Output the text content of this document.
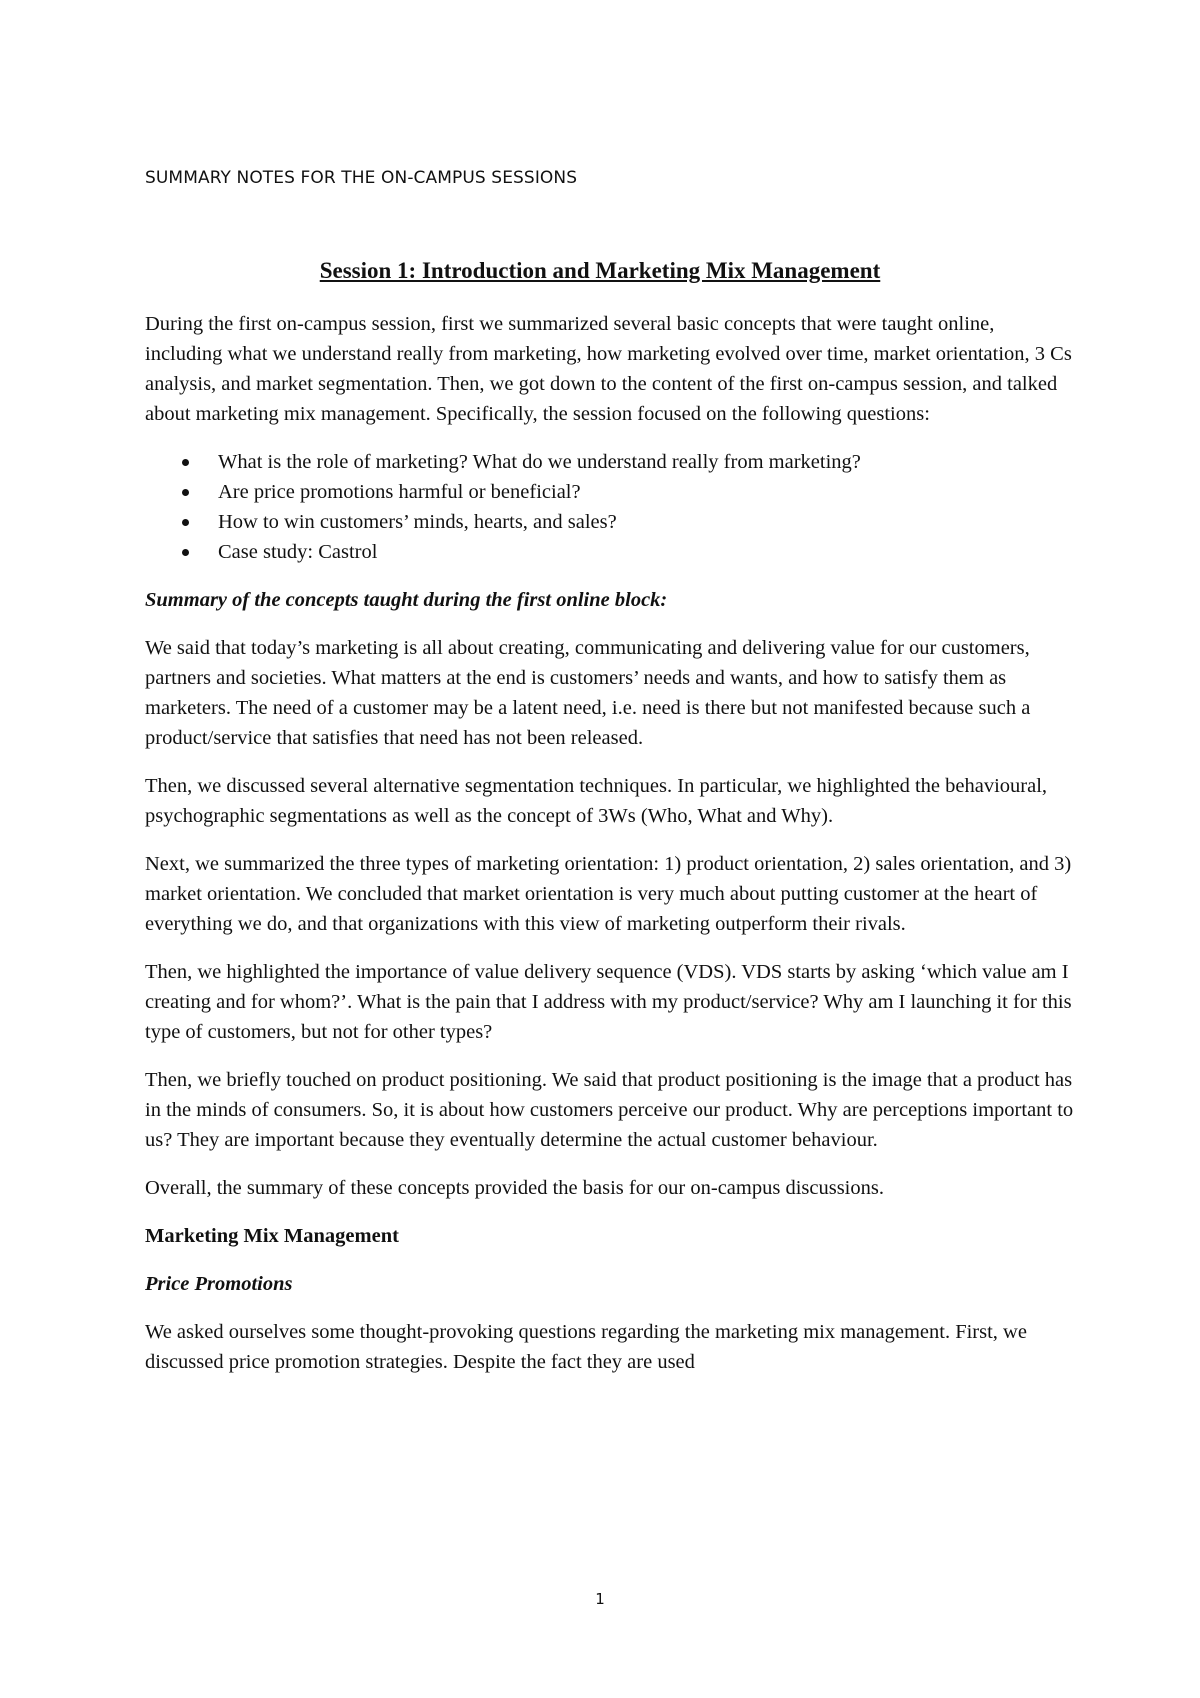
SUMMARY NOTES FOR THE ON-CAMPUS SESSIONS

Session 1: Introduction and Marketing Mix Management

During the first on-campus session, first we summarized several basic concepts that were taught online, including what we understand really from marketing, how marketing evolved over time, market orientation, 3 Cs analysis, and market segmentation. Then, we got down to the content of the first on-campus session, and talked about marketing mix management. Specifically, the session focused on the following questions:

What is the role of marketing? What do we understand really from marketing?
Are price promotions harmful or beneficial?
How to win customers’ minds, hearts, and sales?
Case study: Castrol

Summary of the concepts taught during the first online block:

We said that today’s marketing is all about creating, communicating and delivering value for our customers, partners and societies. What matters at the end is customers’ needs and wants, and how to satisfy them as marketers. The need of a customer may be a latent need, i.e. need is there but not manifested because such a product/service that satisfies that need has not been released.

Then, we discussed several alternative segmentation techniques. In particular, we highlighted the behavioural, psychographic segmentations as well as the concept of 3Ws (Who, What and Why).

Next, we summarized the three types of marketing orientation: 1) product orientation, 2) sales orientation, and 3) market orientation. We concluded that market orientation is very much about putting customer at the heart of everything we do, and that organizations with this view of marketing outperform their rivals.

Then, we highlighted the importance of value delivery sequence (VDS). VDS starts by asking ‘which value am I creating and for whom?’. What is the pain that I address with my product/service? Why am I launching it for this type of customers, but not for other types?

Then, we briefly touched on product positioning. We said that product positioning is the image that a product has in the minds of consumers. So, it is about how customers perceive our product. Why are perceptions important to us? They are important because they eventually determine the actual customer behaviour.

Overall, the summary of these concepts provided the basis for our on-campus discussions.

Marketing Mix Management

Price Promotions

We asked ourselves some thought-provoking questions regarding the marketing mix management. First, we discussed price promotion strategies. Despite the fact they are used

1
